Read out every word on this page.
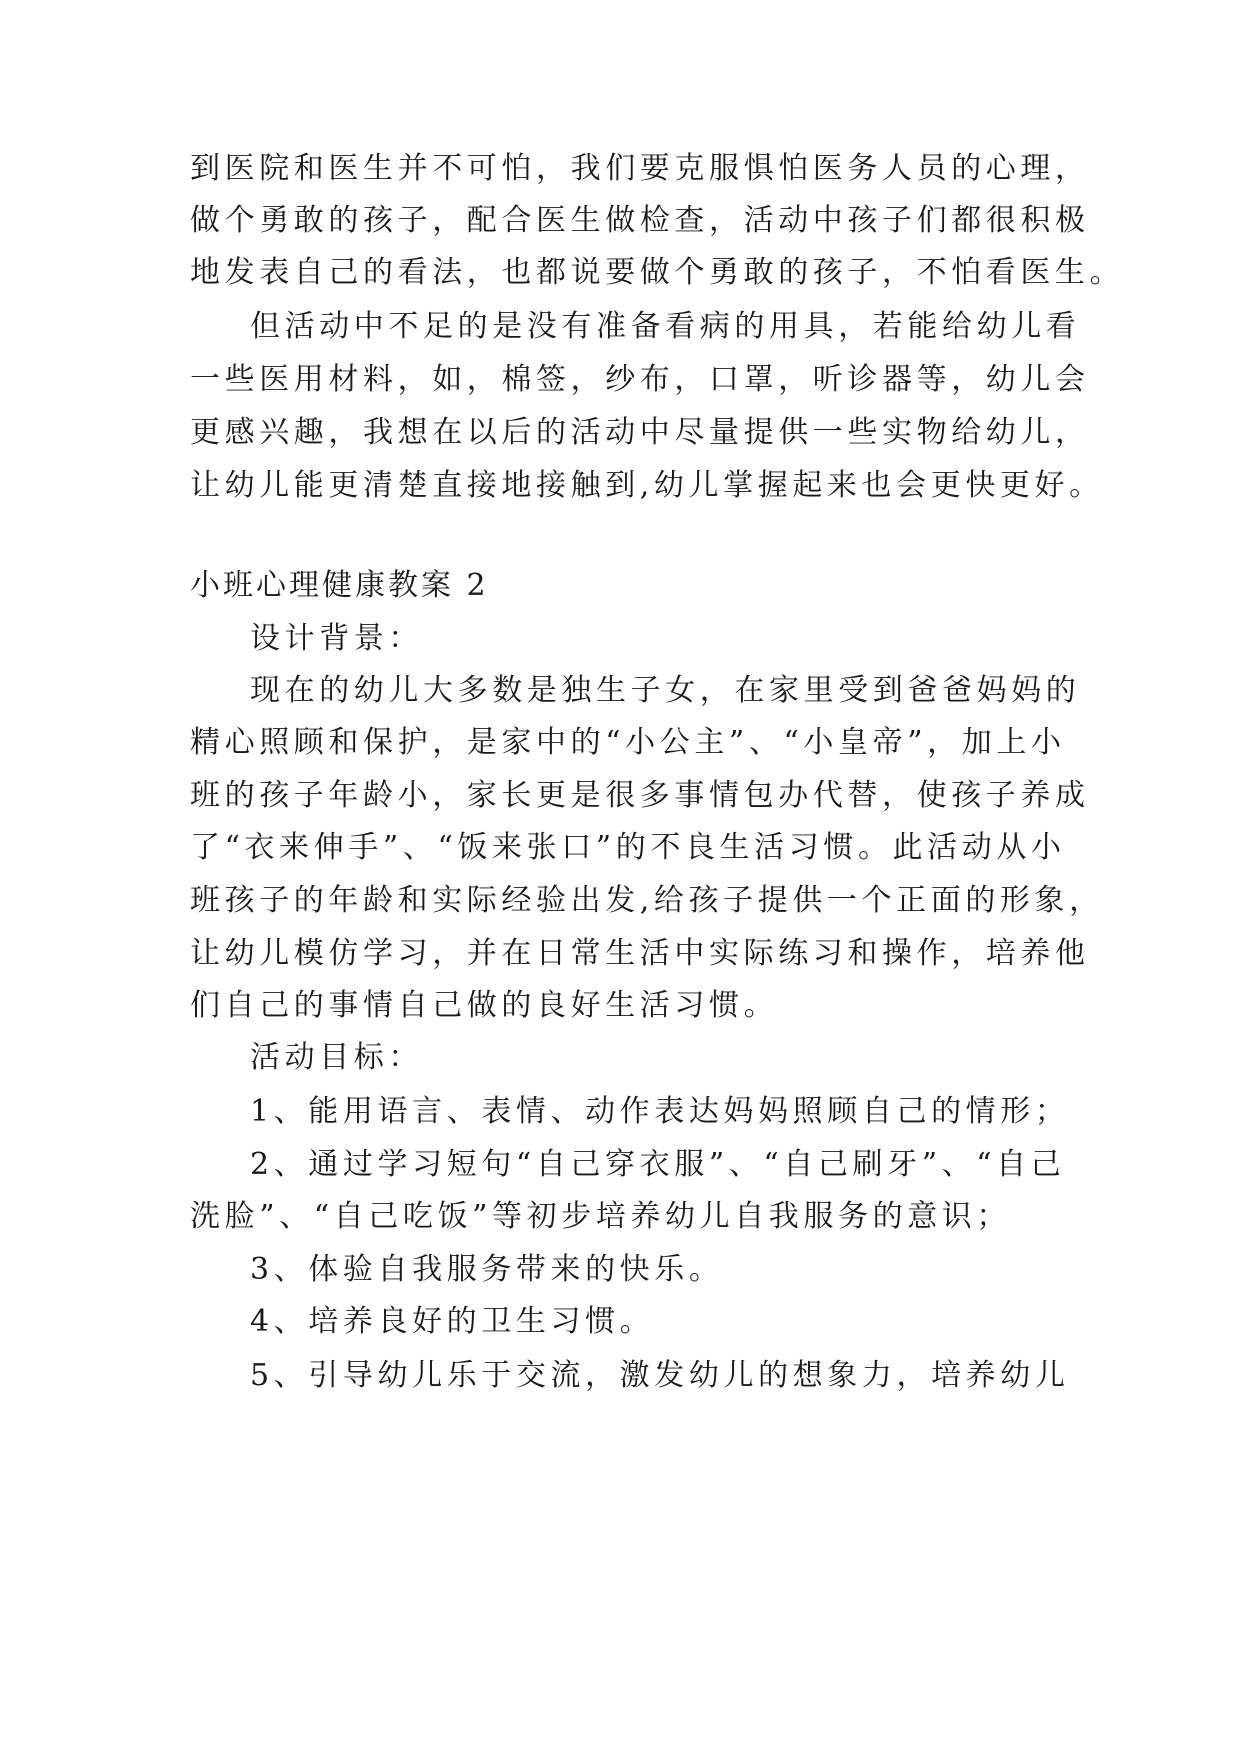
到医院和医生并不可怕，我们要克服惧怕医务人员的心理，
做个勇敢的孩子，配合医生做检查，活动中孩子们都很积极
地发表自己的看法，也都说要做个勇敢的孩子，不怕看医生。
但活动中不足的是没有准备看病的用具，若能给幼儿看
一些医用材料，如，棉签，纱布，口罩，听诊器等，幼儿会
更感兴趣，我想在以后的活动中尽量提供一些实物给幼儿，
让幼儿能更清楚直接地接触到,幼儿掌握起来也会更快更好。
小班心理健康教案 2
设计背景：
现在的幼儿大多数是独生子女，在家里受到爸爸妈妈的
精心照顾和保护，是家中的“小公主”、“小皇帝”，加上小
班的孩子年龄小，家长更是很多事情包办代替，使孩子养成
了“衣来伸手”、“饭来张口”的不良生活习惯。此活动从小
班孩子的年龄和实际经验出发,给孩子提供一个正面的形象，
让幼儿模仿学习，并在日常生活中实际练习和操作，培养他
们自己的事情自己做的良好生活习惯。
活动目标：
1、能用语言、表情、动作表达妈妈照顾自己的情形；
2、通过学习短句“自己穿衣服”、“自己刷牙”、“自己
洗脸”、“自己吃饭”等初步培养幼儿自我服务的意识；
3、体验自我服务带来的快乐。
4、培养良好的卫生习惯。
5、引导幼儿乐于交流，激发幼儿的想象力，培养幼儿
